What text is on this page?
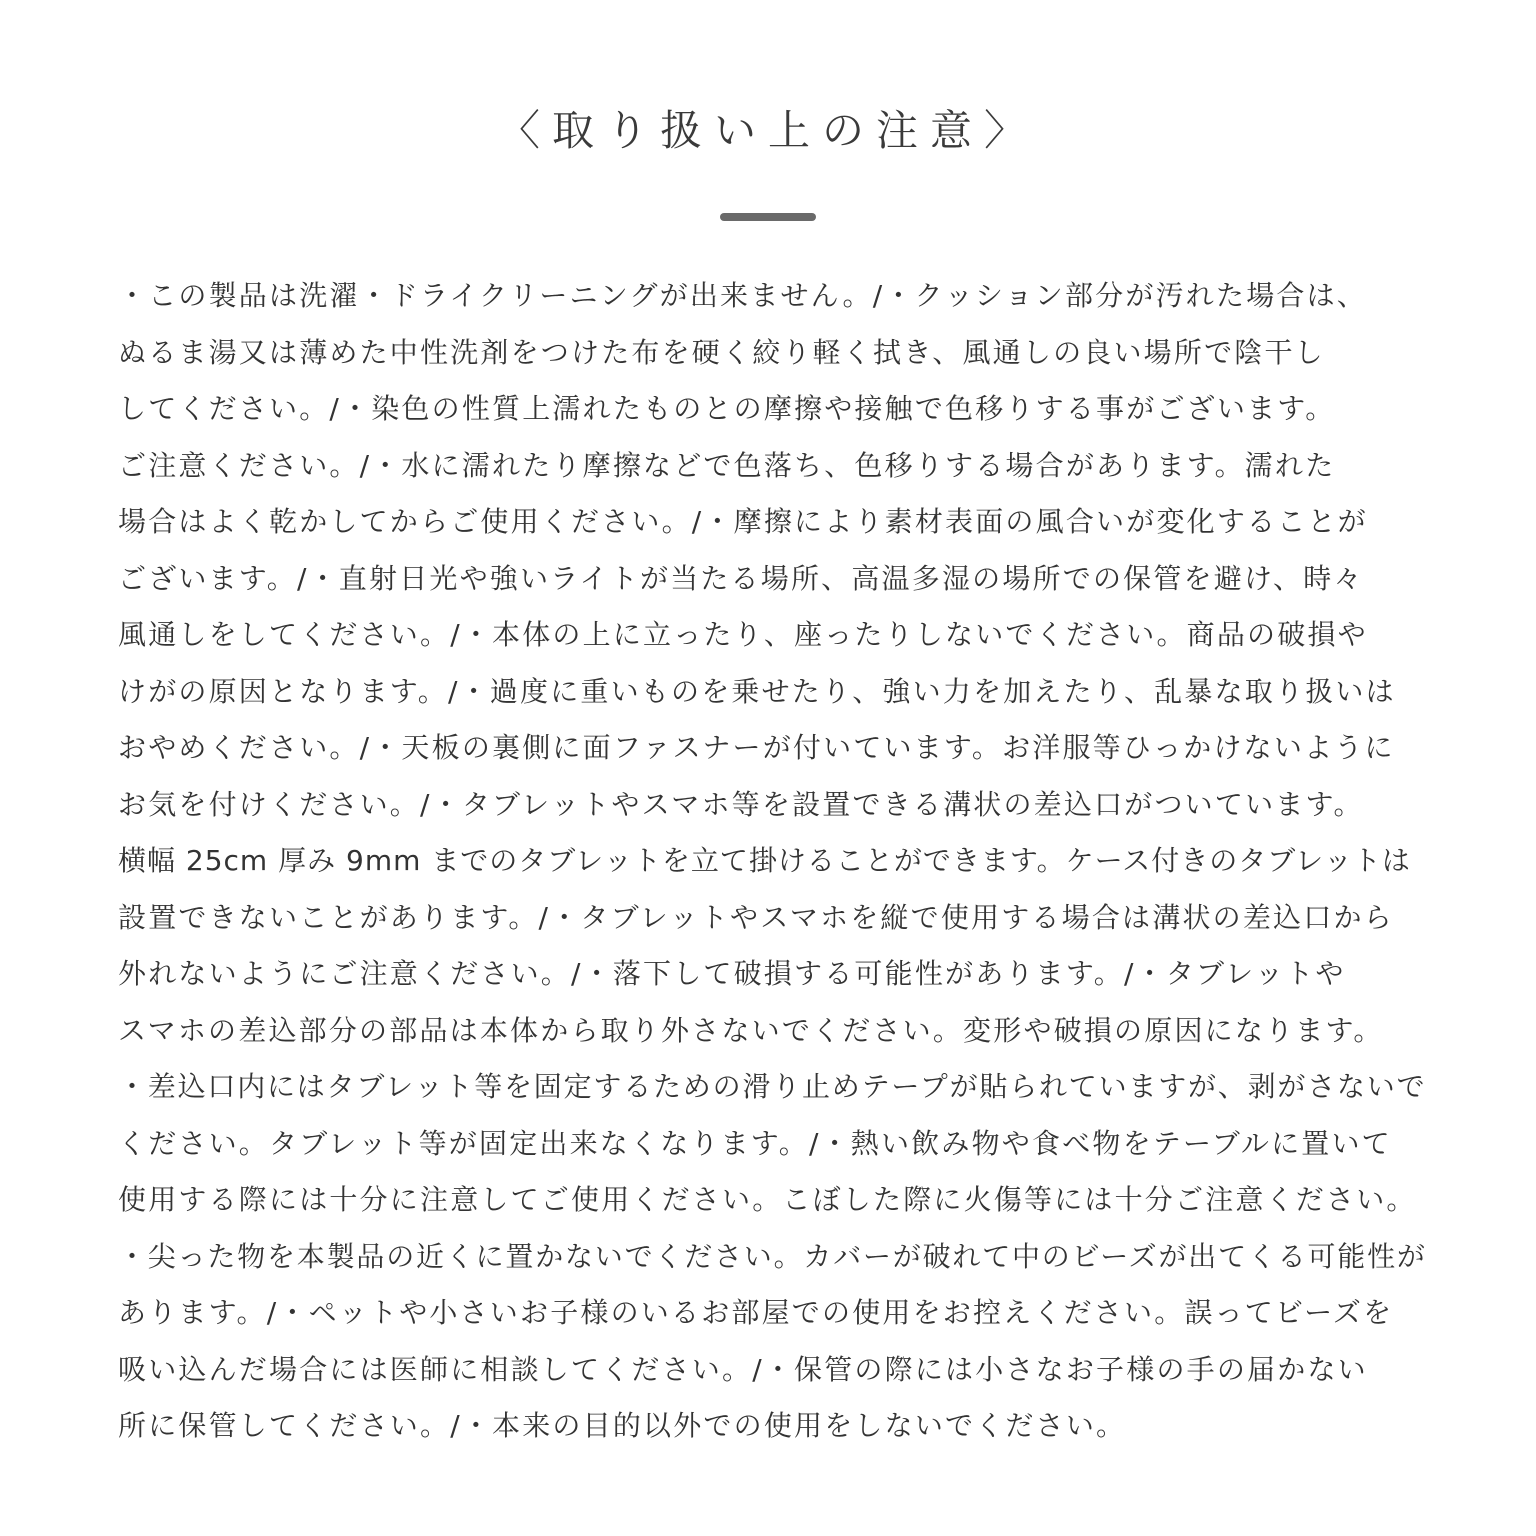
〈取り扱い上の注意〉
・この製品は洗濯・ドライクリーニングが出来ません。/・クッション部分が汚れた場合は、
ぬるま湯又は薄めた中性洗剤をつけた布を硬く絞り軽く拭き、風通しの良い場所で陰干し
してください。/・染色の性質上濡れたものとの摩擦や接触で色移りする事がございます。
ご注意ください。/・水に濡れたり摩擦などで色落ち、色移りする場合があります。濡れた
場合はよく乾かしてからご使用ください。/・摩擦により素材表面の風合いが変化することが
ございます。/・直射日光や強いライトが当たる場所、高温多湿の場所での保管を避け、時々
風通しをしてください。/・本体の上に立ったり、座ったりしないでください。商品の破損や
けがの原因となります。/・過度に重いものを乗せたり、強い力を加えたり、乱暴な取り扱いは
おやめください。/・天板の裏側に面ファスナーが付いています。お洋服等ひっかけないように
お気を付けください。/・タブレットやスマホ等を設置できる溝状の差込口がついています。
横幅 25cm 厚み 9mm までのタブレットを立て掛けることができます。ケース付きのタブレットは
設置できないことがあります。/・タブレットやスマホを縦で使用する場合は溝状の差込口から
外れないようにご注意ください。/・落下して破損する可能性があります。/・タブレットや
スマホの差込部分の部品は本体から取り外さないでください。変形や破損の原因になります。
・差込口内にはタブレット等を固定するための滑り止めテープが貼られていますが、剥がさないで
ください。タブレット等が固定出来なくなります。/・熱い飲み物や食べ物をテーブルに置いて
使用する際には十分に注意してご使用ください。こぼした際に火傷等には十分ご注意ください。
・尖った物を本製品の近くに置かないでください。カバーが破れて中のビーズが出てくる可能性が
あります。/・ペットや小さいお子様のいるお部屋での使用をお控えください。誤ってビーズを
吸い込んだ場合には医師に相談してください。/・保管の際には小さなお子様の手の届かない
所に保管してください。/・本来の目的以外での使用をしないでください。
